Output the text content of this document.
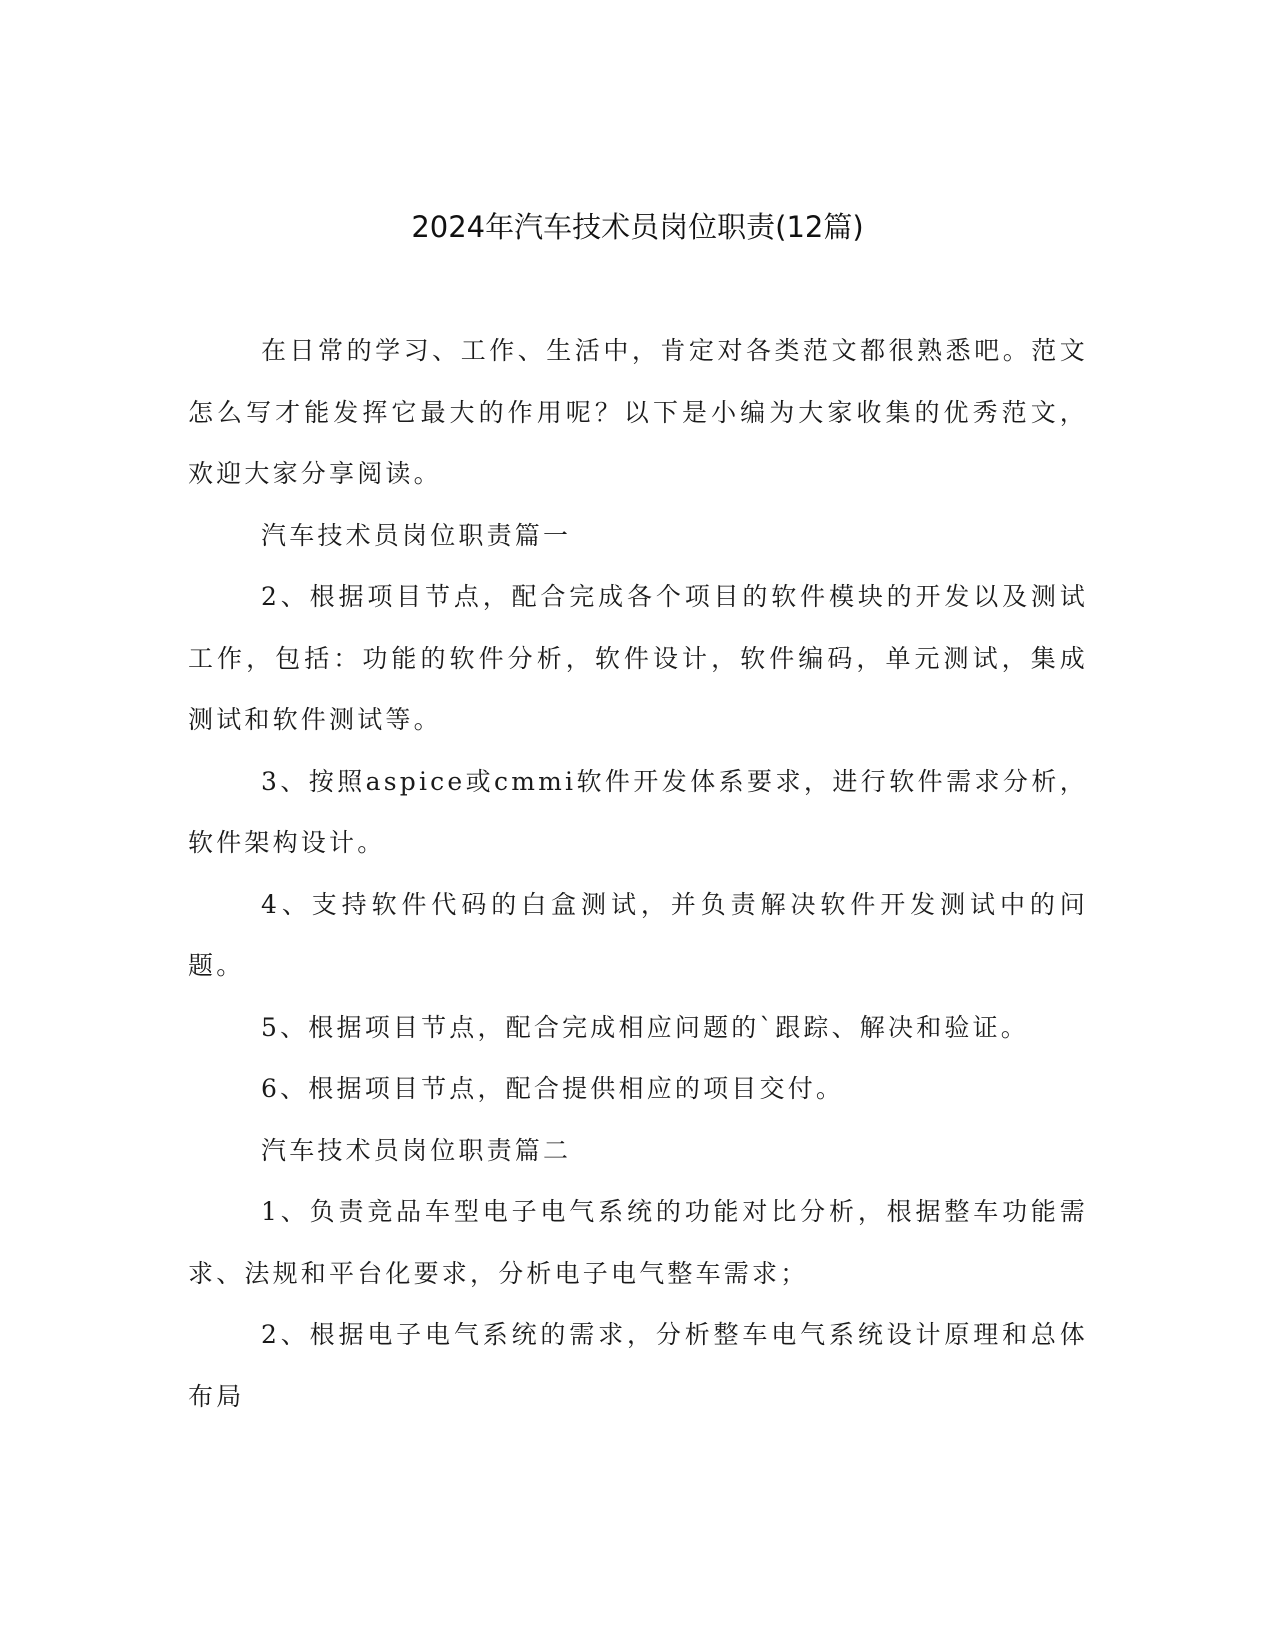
2024年汽车技术员岗位职责(12篇)

在日常的学习、工作、生活中，肯定对各类范文都很熟悉吧。范文怎么写才能发挥它最大的作用呢？以下是小编为大家收集的优秀范文，欢迎大家分享阅读。

汽车技术员岗位职责篇一

2、根据项目节点，配合完成各个项目的软件模块的开发以及测试工作，包括：功能的软件分析，软件设计，软件编码，单元测试，集成测试和软件测试等。

3、按照aspice或cmmi软件开发体系要求，进行软件需求分析，软件架构设计。

4、支持软件代码的白盒测试，并负责解决软件开发测试中的问题。

5、根据项目节点，配合完成相应问题的`跟踪、解决和验证。

6、根据项目节点，配合提供相应的项目交付。

汽车技术员岗位职责篇二

1、负责竞品车型电子电气系统的功能对比分析，根据整车功能需求、法规和平台化要求，分析电子电气整车需求；

2、根据电子电气系统的需求，分析整车电气系统设计原理和总体布局
